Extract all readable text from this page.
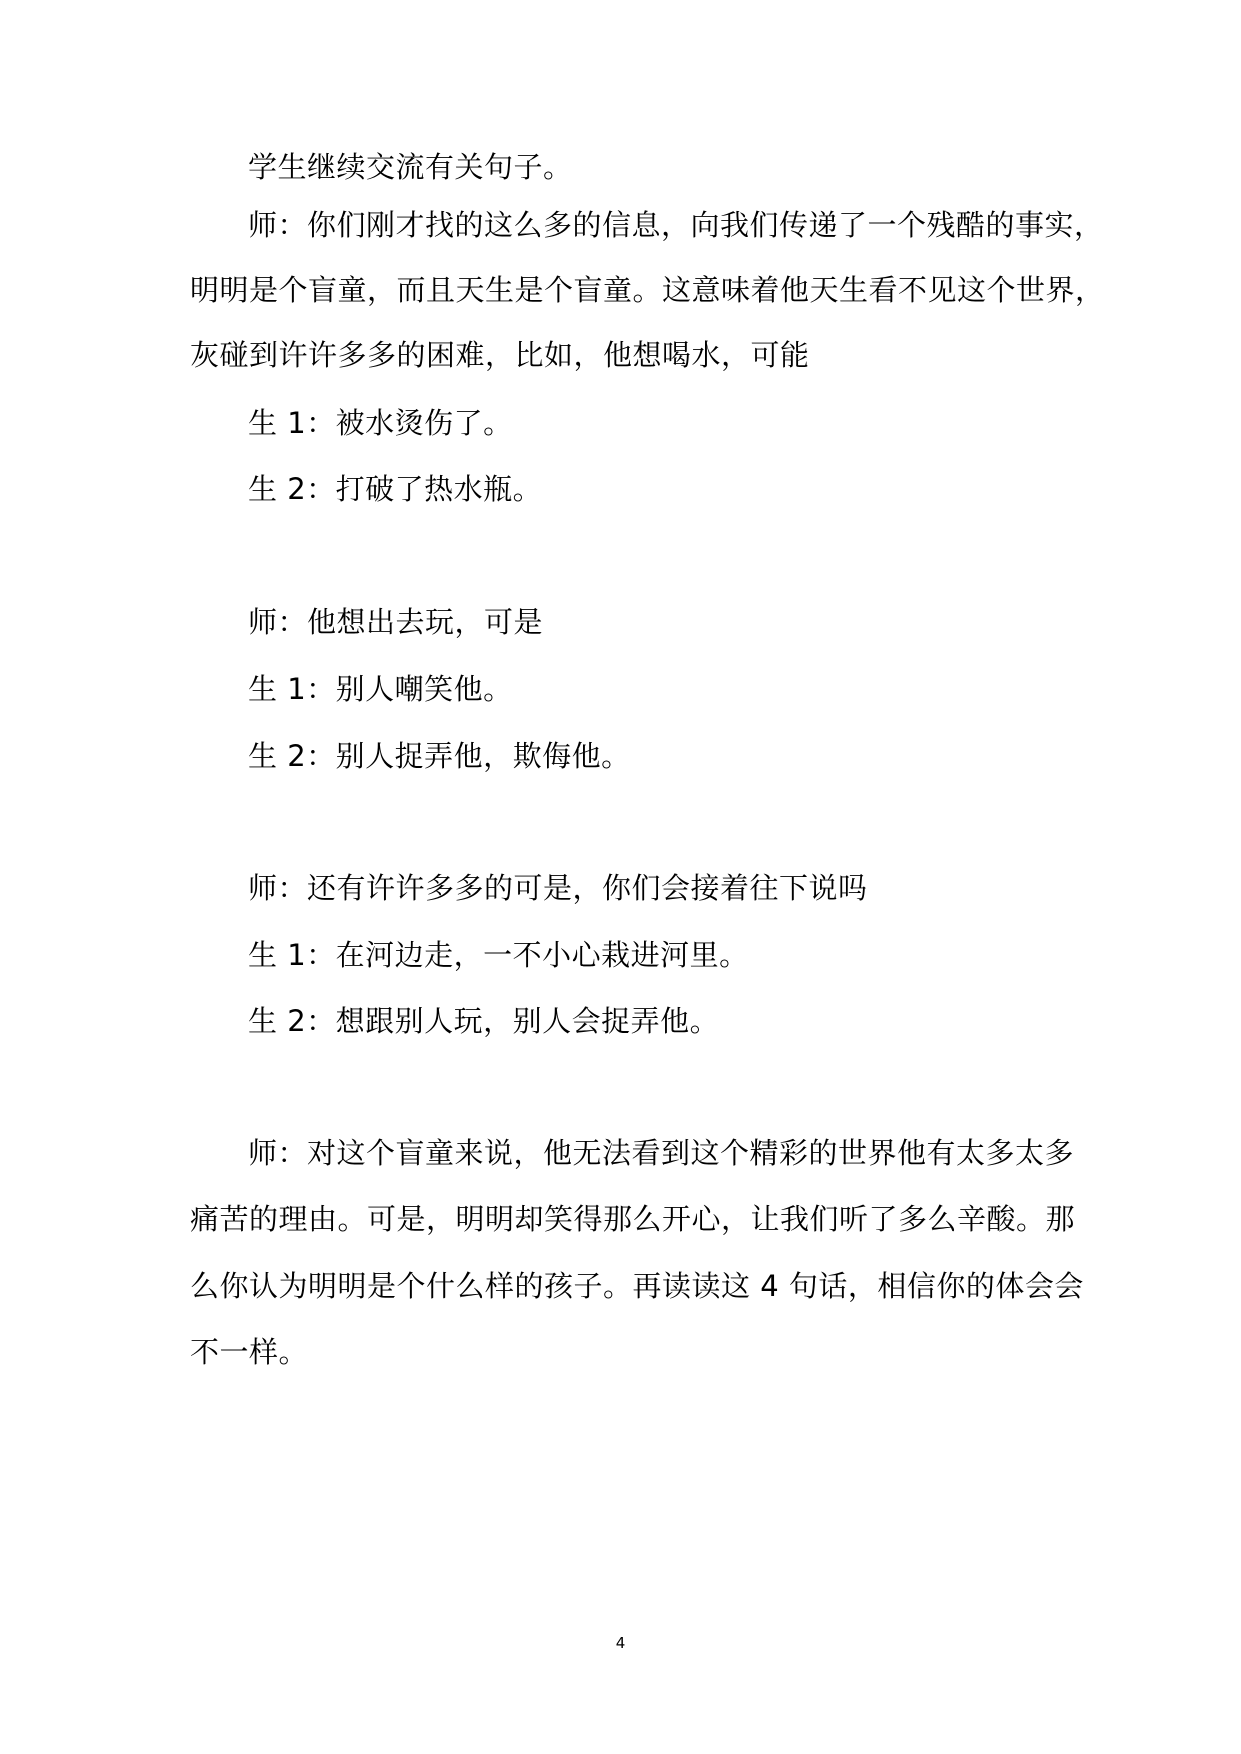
学生继续交流有关句子。
师：你们刚才找的这么多的信息，向我们传递了一个残酷的事实，
明明是个盲童，而且天生是个盲童。这意味着他天生看不见这个世界，
灰碰到许许多多的困难，比如，他想喝水，可能
生 1：被水烫伤了。
生 2：打破了热水瓶。
师：他想出去玩，可是
生 1：别人嘲笑他。
生 2：别人捉弄他，欺侮他。
师：还有许许多多的可是，你们会接着往下说吗
生 1：在河边走，一不小心栽进河里。
生 2：想跟别人玩，别人会捉弄他。
师：对这个盲童来说，他无法看到这个精彩的世界他有太多太多
痛苦的理由。可是，明明却笑得那么开心，让我们听了多么辛酸。那
么你认为明明是个什么样的孩子。再读读这 4 句话，相信你的体会会
不一样。
4
